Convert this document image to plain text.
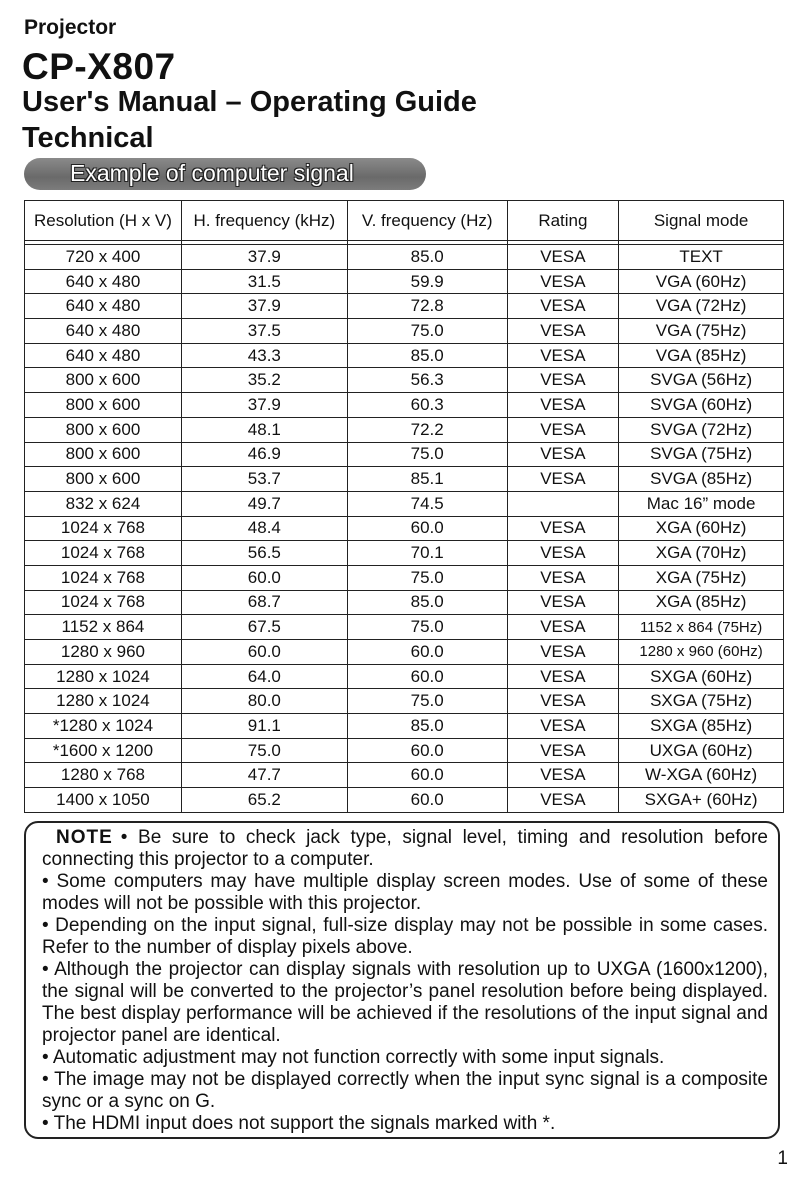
Projector
CP-X807
User's Manual – Operating Guide
Technical
Example of computer signal
Resolution (H x V)	H. frequency (kHz)	V. frequency (Hz)	Rating	Signal mode

720 x 400	37.9	85.0	VESA	TEXT
640 x 480	31.5	59.9	VESA	VGA (60Hz)
640 x 480	37.9	72.8	VESA	VGA (72Hz)
640 x 480	37.5	75.0	VESA	VGA (75Hz)
640 x 480	43.3	85.0	VESA	VGA (85Hz)
800 x 600	35.2	56.3	VESA	SVGA (56Hz)
800 x 600	37.9	60.3	VESA	SVGA (60Hz)
800 x 600	48.1	72.2	VESA	SVGA (72Hz)
800 x 600	46.9	75.0	VESA	SVGA (75Hz)
800 x 600	53.7	85.1	VESA	SVGA (85Hz)
832 x 624	49.7	74.5		Mac 16” mode
1024 x 768	48.4	60.0	VESA	XGA (60Hz)
1024 x 768	56.5	70.1	VESA	XGA (70Hz)
1024 x 768	60.0	75.0	VESA	XGA (75Hz)
1024 x 768	68.7	85.0	VESA	XGA (85Hz)
1152 x 864	67.5	75.0	VESA	1152 x 864 (75Hz)
1280 x 960	60.0	60.0	VESA	1280 x 960 (60Hz)
1280 x 1024	64.0	60.0	VESA	SXGA (60Hz)
1280 x 1024	80.0	75.0	VESA	SXGA (75Hz)
*1280 x 1024	91.1	85.0	VESA	SXGA (85Hz)
*1600 x 1200	75.0	60.0	VESA	UXGA (60Hz)
1280 x 768	47.7	60.0	VESA	W-XGA (60Hz)
1400 x 1050	65.2	60.0	VESA	SXGA+ (60Hz)

NOTE • Be sure to check jack type, signal level, timing and resolution before connecting this projector to a computer.

• Some computers may have multiple display screen modes. Use of some of these modes will not be possible with this projector.

• Depending on the input signal, full-size display may not be possible in some cases. Refer to the number of display pixels above.

• Although the projector can display signals with resolution up to UXGA (1600x1200), the signal will be converted to the projector’s panel resolution before being displayed. The best display performance will be achieved if the resolutions of the input signal and projector panel are identical.

• Automatic adjustment may not function correctly with some input signals.

• The image may not be displayed correctly when the input sync signal is a composite sync or a sync on G.

• The HDMI input does not support the signals marked with *.

1
